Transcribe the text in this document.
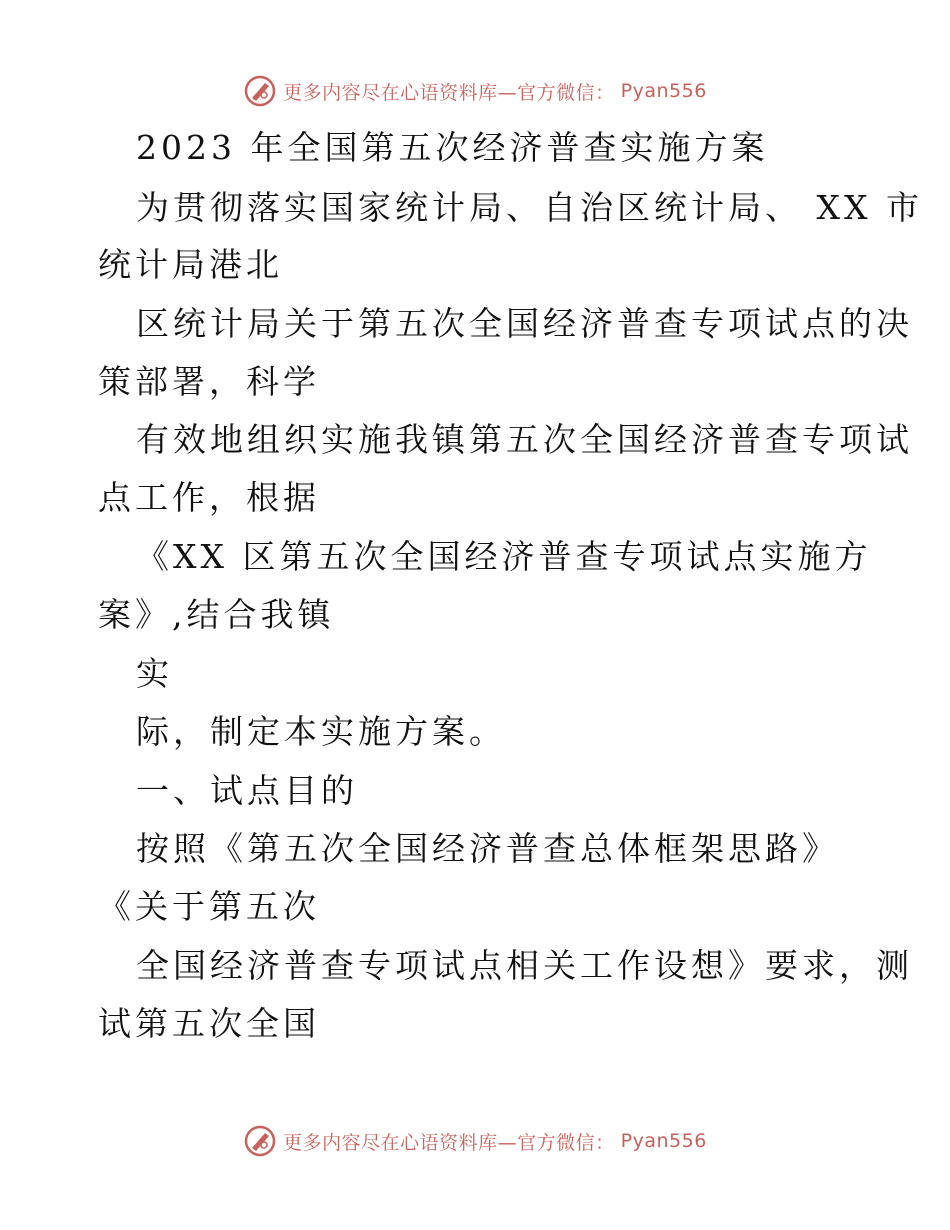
更多内容尽在心语资料库—官方微信： Pyan556
2023 年全国第五次经济普查实施方案
为贯彻落实国家统计局、自治区统计局、 XX 市
统计局港北
区统计局关于第五次全国经济普查专项试点的决
策部署，科学
有效地组织实施我镇第五次全国经济普查专项试
点工作，根据
《XX 区第五次全国经济普查专项试点实施方
案》,结合我镇
实
际，制定本实施方案。
一、试点目的
按照《第五次全国经济普查总体框架思路》
《关于第五次
全国经济普查专项试点相关工作设想》要求，测
试第五次全国
更多内容尽在心语资料库—官方微信： Pyan556
